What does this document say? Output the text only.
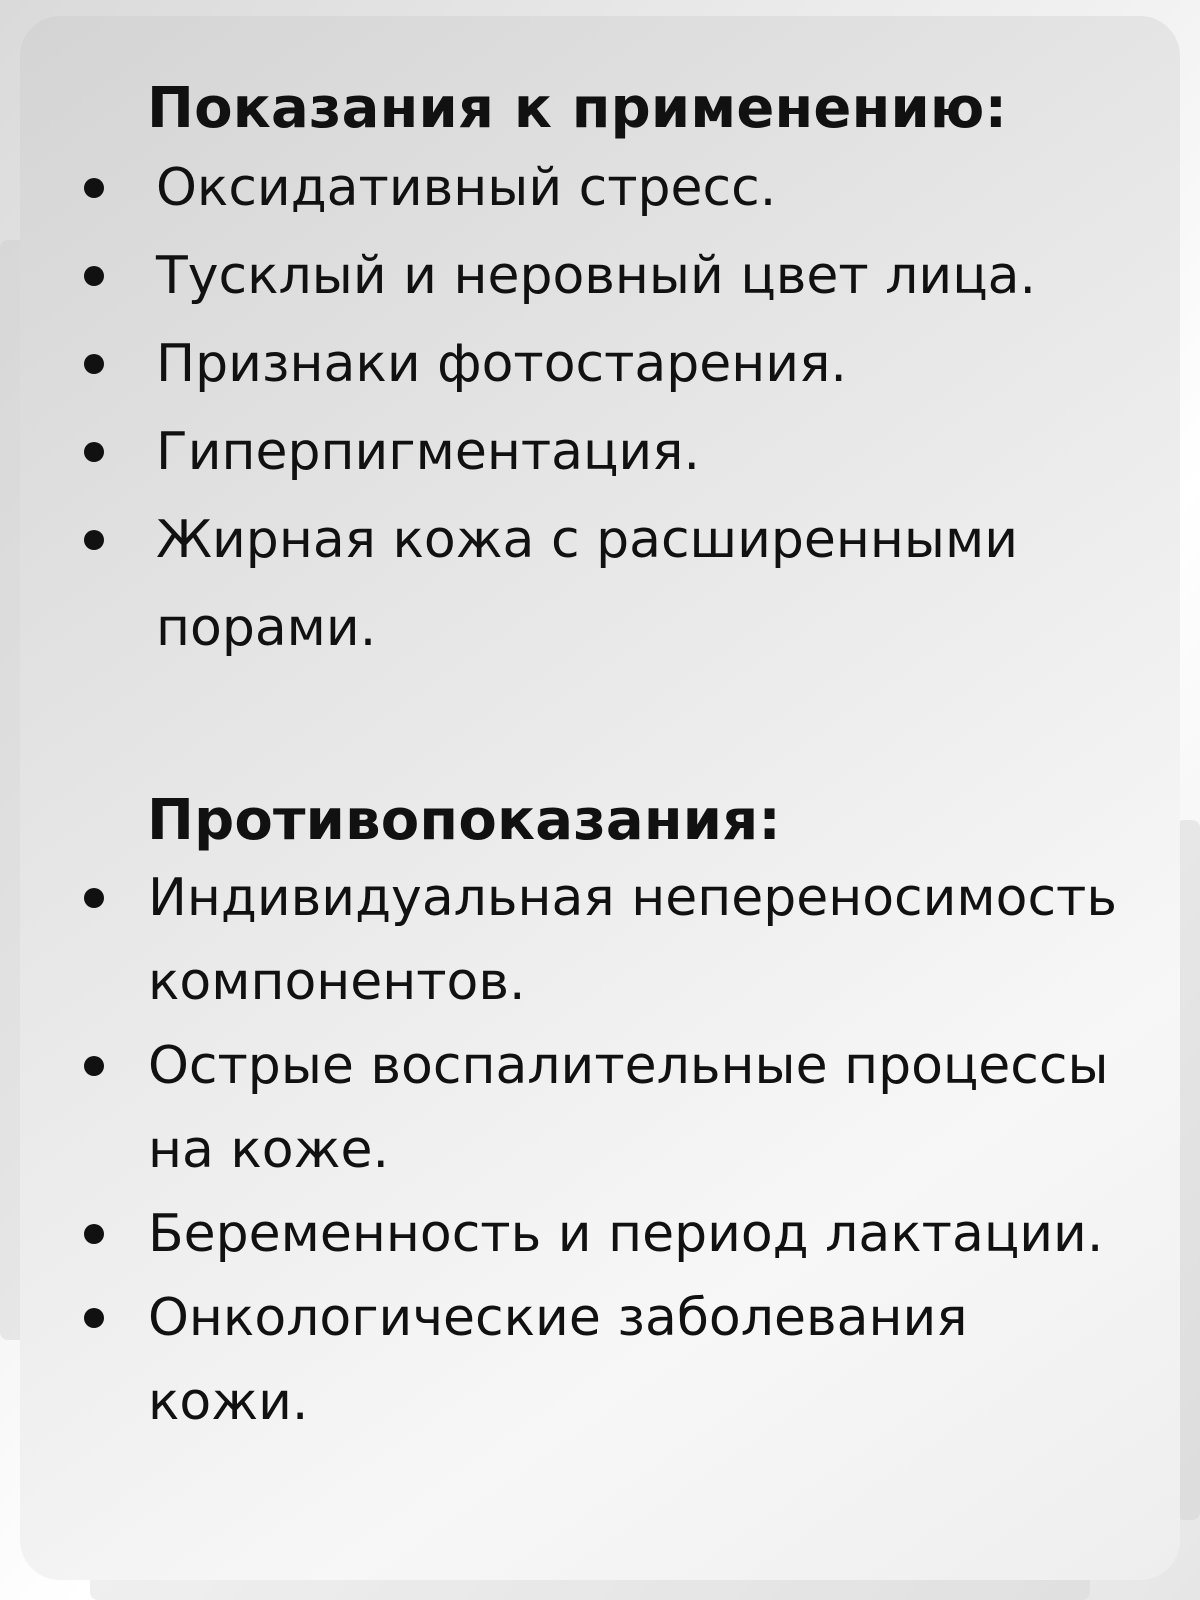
Показания к применению:
Оксидативный стресс.
Тусклый и неровный цвет лица.
Признаки фотостарения.
Гиперпигментация.
Жирная кожа с расширенными порами.
Противопоказания:
Индивидуальная непереносимость компонентов.
Острые воспалительные процессы на коже.
Беременность и период лактации.
Онкологические заболевания кожи.
